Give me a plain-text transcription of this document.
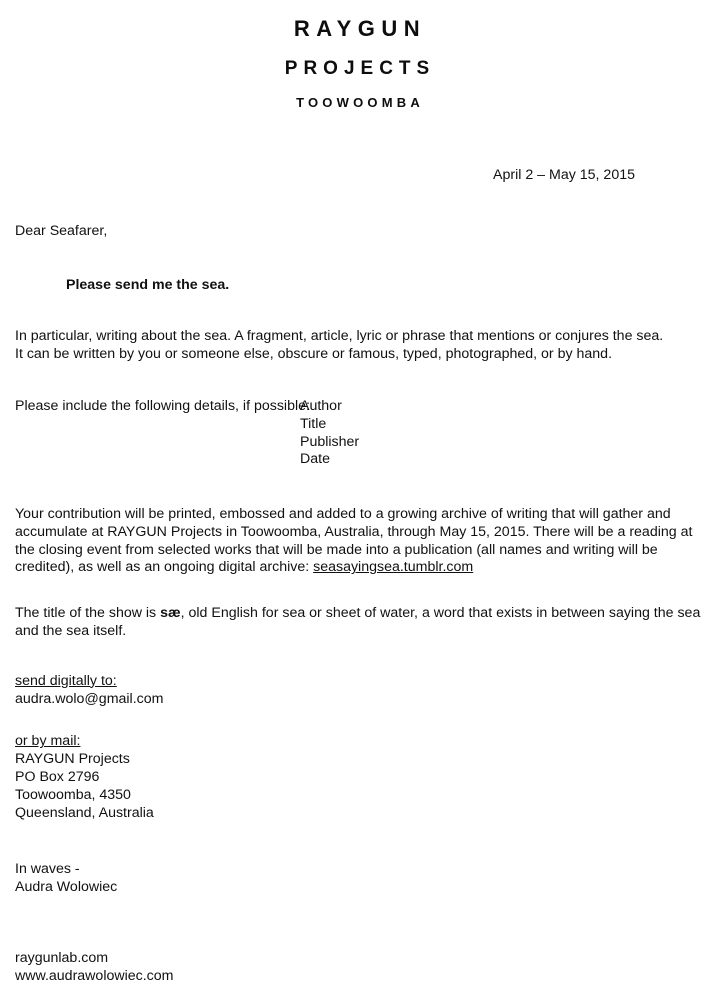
RAYGUN
PROJECTS
TOOWOOMBA
April 2 – May 15, 2015
Dear Seafarer,
Please send me the sea.
In particular, writing about the sea. A fragment, article, lyric or phrase that mentions or conjures the sea.
It can be written by you or someone else, obscure or famous, typed, photographed, or by hand.
Please include the following details, if possible:
Author
Title
Publisher
Date
Your contribution will be printed, embossed and added to a growing archive of writing that will gather and accumulate at RAYGUN Projects in Toowoomba, Australia, through May 15, 2015. There will be a reading at the closing event from selected works that will be made into a publication (all names and writing will be credited), as well as an ongoing digital archive: seasayingsea.tumblr.com
The title of the show is sæ, old English for sea or sheet of water, a word that exists in between saying the sea and the sea itself.
send digitally to:
audra.wolo@gmail.com
or by mail:
RAYGUN Projects
PO Box 2796
Toowoomba, 4350
Queensland, Australia
In waves -
Audra Wolowiec
raygunlab.com
www.audrawolowiec.com
